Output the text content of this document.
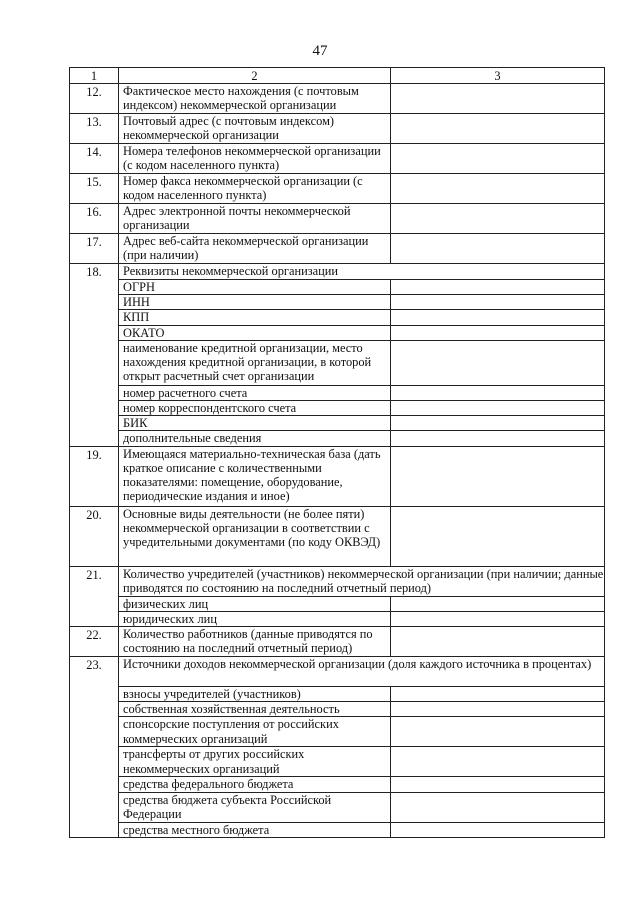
47
1	2	3
12.	Фактическое место нахождения (с почтовым индексом) некоммерческой организации	
13.	Почтовый адрес (с почтовым индексом) некоммерческой организации	
14.	Номера телефонов некоммерческой организации (с кодом населенного пункта)	
15.	Номер факса некоммерческой организации (с кодом населенного пункта)	
16.	Адрес электронной почты некоммерческой организации	
17.	Адрес веб-сайта некоммерческой организации (при наличии)	
18.	Реквизиты некоммерческой организации	
	ОГРН	
	ИНН	
	КПП	
	ОКАТО	
	наименование кредитной организации, место нахождения кредитной организации, в которой открыт расчетный счет организации	
	номер расчетного счета	
	номер корреспондентского счета	
	БИК	
	дополнительные сведения	
19.	Имеющаяся материально-техническая база (дать краткое описание с количественными показателями: помещение, оборудование, периодические издания и иное)	
20.	Основные виды деятельности (не более пяти) некоммерческой организации в соответствии с учредительными документами (по коду ОКВЭД)	
21.	Количество учредителей (участников) некоммерческой организации (при наличии; данные приводятся по состоянию на последний отчетный период)	
	физических лиц	
	юридических лиц	
22.	Количество работников (данные приводятся по состоянию на последний отчетный период)	
23.	Источники доходов некоммерческой организации (доля каждого источника в процентах)	
	взносы учредителей (участников)	
	собственная хозяйственная деятельность	
	спонсорские поступления от российских коммерческих организаций	
	трансферты от других российских некоммерческих организаций	
	средства федерального бюджета	
	средства бюджета субъекта Российской Федерации	
	средства местного бюджета	
